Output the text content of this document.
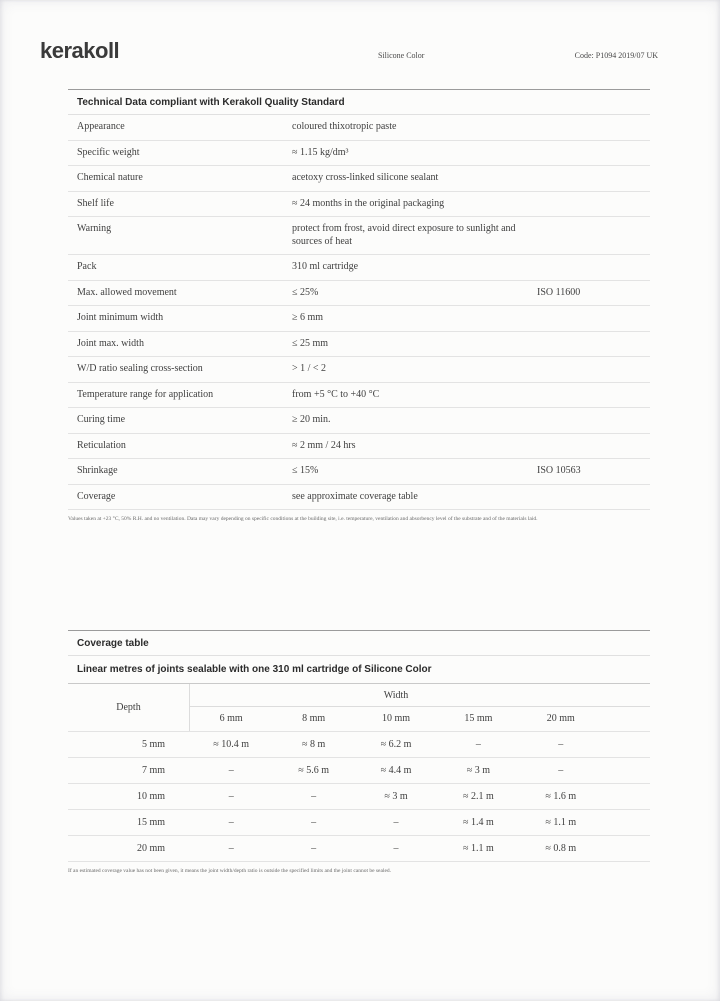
kerakoll	Silicone Color	Code: P1094 2019/07 UK
Technical Data compliant with Kerakoll Quality Standard
Appearance	coloured thixotropic paste
Specific weight	≈ 1.15 kg/dm³
Chemical nature	acetoxy cross-linked silicone sealant
Shelf life	≈ 24 months in the original packaging
Warning	protect from frost, avoid direct exposure to sunlight and sources of heat
Pack	310 ml cartridge
Max. allowed movement	≤ 25%	ISO 11600
Joint minimum width	≥ 6 mm
Joint max. width	≤ 25 mm
W/D ratio sealing cross-section	> 1 / < 2
Temperature range for application	from +5 °C to +40 °C
Curing time	≥ 20 min.
Reticulation	≈ 2 mm / 24 hrs
Shrinkage	≤ 15%	ISO 10563
Coverage	see approximate coverage table

Values taken at +23 °C, 50% R.H. and no ventilation. Data may vary depending on specific conditions at the building site, i.e. temperature, ventilation and absorbency level of the substrate and of the materials laid.

Coverage table
Linear metres of joints sealable with one 310 ml cartridge of Silicone Color
Depth
Width
6 mm	8 mm	10 mm	15 mm	20 mm
5 mm	≈ 10.4 m	≈ 8 m	≈ 6.2 m	–	–
7 mm	–	≈ 5.6 m	≈ 4.4 m	≈ 3 m	–
10 mm	–	–	≈ 3 m	≈ 2.1 m	≈ 1.6 m
15 mm	–	–	–	≈ 1.4 m	≈ 1.1 m
20 mm	–	–	–	≈ 1.1 m	≈ 0.8 m

If an estimated coverage value has not been given, it means the joint width/depth ratio is outside the specified limits and the joint cannot be sealed.
